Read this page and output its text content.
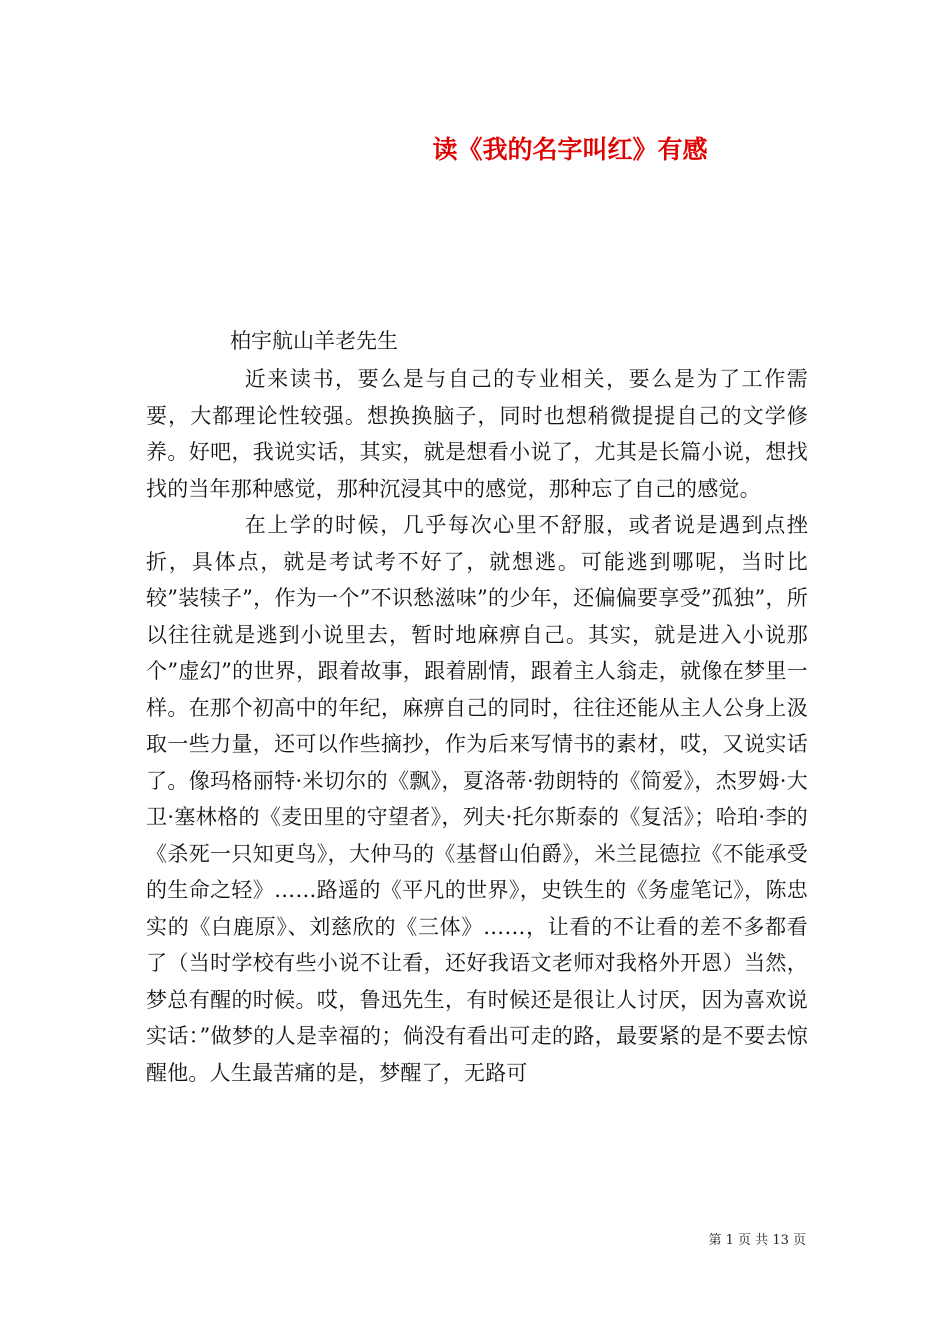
读《我的名字叫红》有感
柏宇航山羊老先生

近来读书，要么是与自己的专业相关，要么是为了工作需要，大都理论性较强。想换换脑子，同时也想稍微提提自己的文学修养。好吧，我说实话，其实，就是想看小说了，尤其是长篇小说，想找找的当年那种感觉，那种沉浸其中的感觉，那种忘了自己的感觉。

在上学的时候，几乎每次心里不舒服，或者说是遇到点挫折，具体点，就是考试考不好了，就想逃。可能逃到哪呢，当时比较”装犊子”，作为一个”不识愁滋味”的少年，还偏偏要享受”孤独”，所以往往就是逃到小说里去，暂时地麻痹自己。其实，就是进入小说那个”虚幻”的世界，跟着故事，跟着剧情，跟着主人翁走，就像在梦里一样。在那个初高中的年纪，麻痹自己的同时，往往还能从主人公身上汲取一些力量，还可以作些摘抄，作为后来写情书的素材，哎，又说实话了。像玛格丽特·米切尔的《飘》，夏洛蒂·勃朗特的《简爱》，杰罗姆·大卫·塞林格的《麦田里的守望者》，列夫·托尔斯泰的《复活》；哈珀·李的《杀死一只知更鸟》，大仲马的《基督山伯爵》，米兰昆德拉《不能承受的生命之轻》……路遥的《平凡的世界》，史铁生的《务虚笔记》，陈忠实的《白鹿原》、刘慈欣的《三体》……，让看的不让看的差不多都看了（当时学校有些小说不让看，还好我语文老师对我格外开恩）当然，梦总有醒的时候。哎，鲁迅先生，有时候还是很让人讨厌，因为喜欢说实话：”做梦的人是幸福的；倘没有看出可走的路，最要紧的是不要去惊醒他。人生最苦痛的是，梦醒了，无路可

第 1 页 共 13 页
